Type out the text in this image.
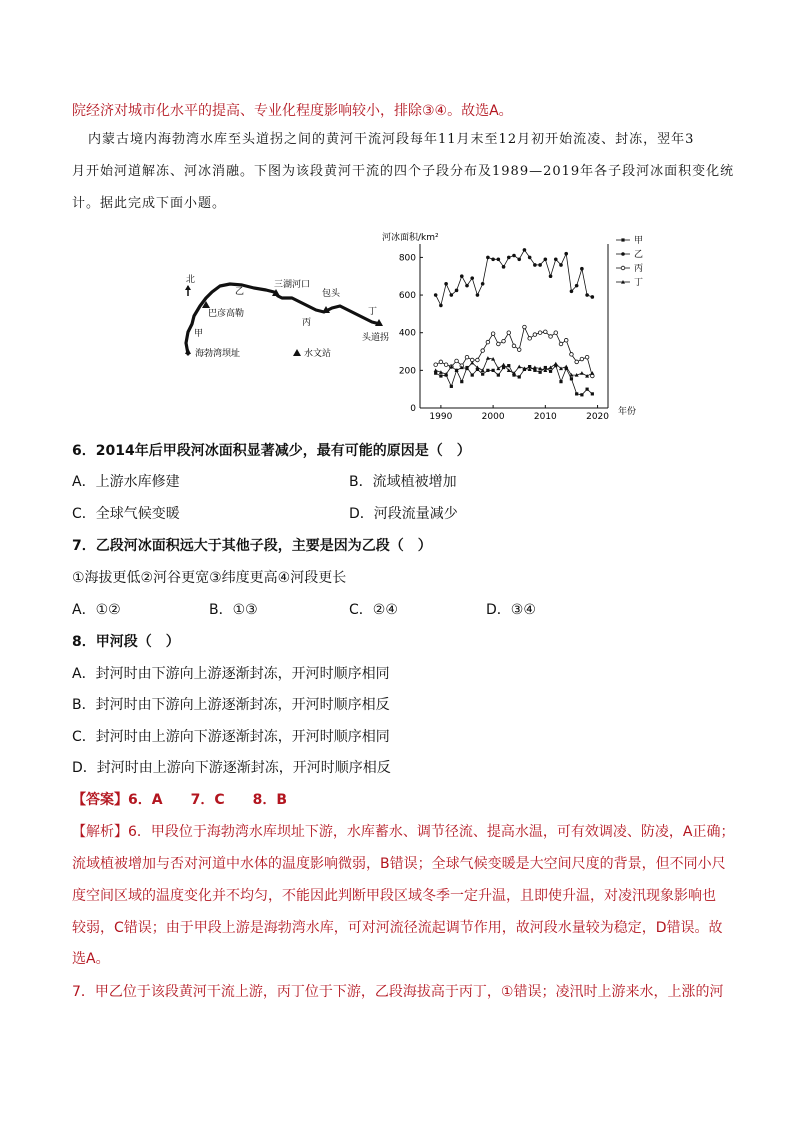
院经济对城市化水平的提高、专业化程度影响较小，排除③④。故选A。
内蒙古境内海勃湾水库至头道拐之间的黄河干流河段每年11月末至12月初开始流凌、封冻，翌年3
月开始河道解冻、河冰消融。下图为该段黄河干流的四个子段分布及1989—2019年各子段河冰面积变化统
计。据此完成下面小题。
北
乙
三湖河口
包头
丁
巴彦高勒
丙
甲	头道拐
海勃湾坝址	水文站
河冰面积/km²
年份
0
200
400
600
800
1990	2000	2010	2020
甲
乙
丙
丁
6．2014年后甲段河冰面积显著减少，最有可能的原因是（　）
A．上游水库修建	B．流域植被增加
C．全球气候变暖	D．河段流量减少
7．乙段河冰面积远大于其他子段，主要是因为乙段（　）
①海拔更低②河谷更宽③纬度更高④河段更长
A．①②	B．①③	C．②④	D．③④
8．甲河段（　）
A．封河时由下游向上游逐渐封冻，开河时顺序相同
B．封河时由下游向上游逐渐封冻，开河时顺序相反
C．封河时由上游向下游逐渐封冻，开河时顺序相同
D．封河时由上游向下游逐渐封冻，开河时顺序相反
【答案】6．A　　7．C　　8．B
【解析】6．甲段位于海勃湾水库坝址下游，水库蓄水、调节径流、提高水温，可有效调凌、防凌，A正确；
流域植被增加与否对河道中水体的温度影响微弱，B错误；全球气候变暖是大空间尺度的背景，但不同小尺
度空间区域的温度变化并不均匀，不能因此判断甲段区域冬季一定升温，且即使升温，对凌汛现象影响也
较弱，C错误；由于甲段上游是海勃湾水库，可对河流径流起调节作用，故河段水量较为稳定，D错误。故
选A。
7．甲乙位于该段黄河干流上游，丙丁位于下游，乙段海拔高于丙丁，①错误；凌汛时上游来水，上涨的河
